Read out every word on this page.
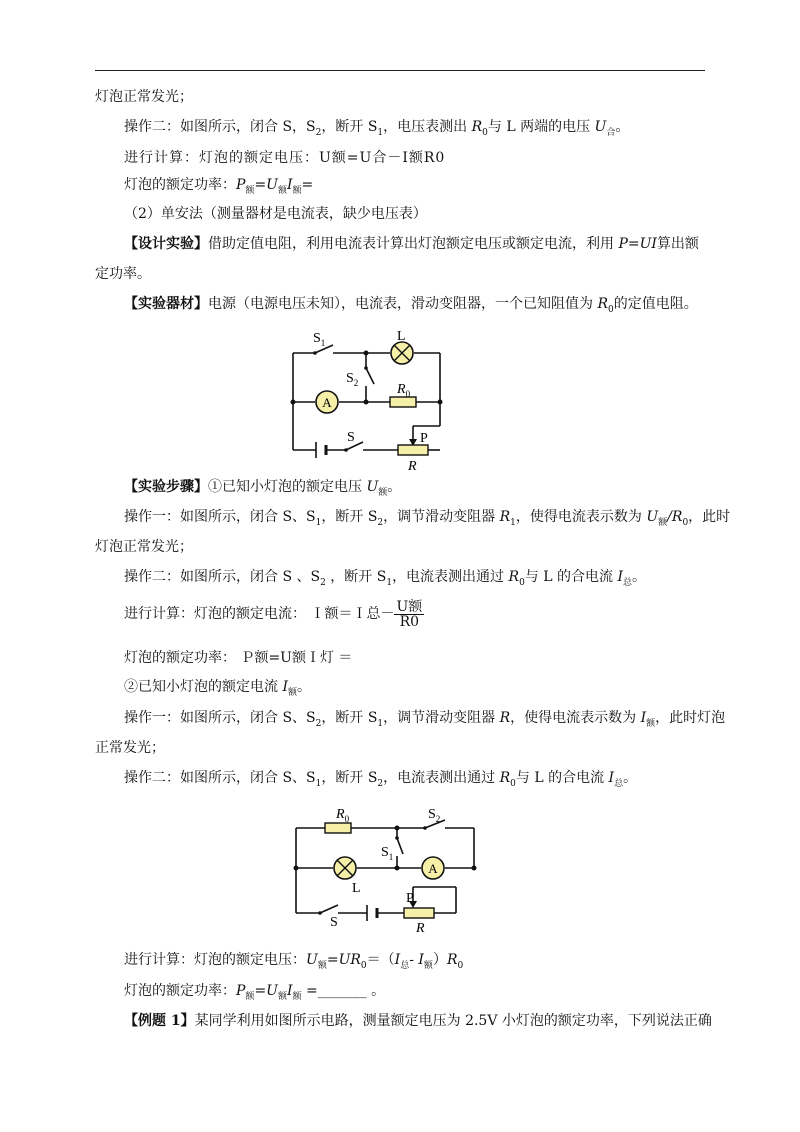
灯泡正常发光；
操作二：如图所示，闭合 S，$S_2$，断开 $S_1$，电压表测出 $R_0$与 L 两端的电压 $U_合$。
进行计算：灯泡的额定电压：U额=U合－I额R0
灯泡的额定功率：$P_额=U_额I_额=$
（2）单安法（测量器材是电流表，缺少电压表）
【设计实验】借助定值电阻，利用电流表计算出灯泡额定电压或额定电流，利用 P=UI算出额
定功率。
【实验器材】电源（电源电压未知），电流表，滑动变阻器，一个已知阻值为 $R_0$的定值电阻。
A
$S_1$	L
$S_2$	$R_0$
S	P
R
【实验步骤】①已知小灯泡的额定电压 $U_额$。
操作一：如图所示，闭合 S、$S_1$，断开 $S_2$，调节滑动变阻器 $R_1$，使得电流表示数为 $U_额/R_0$，此时
灯泡正常发光；
操作二：如图所示，闭合 S 、$S_2$ ，断开 $S_1$，电流表测出通过 $R_0$与 L 的合电流 $I_总$。
进行计算：灯泡的额定电流： Ｉ额＝Ｉ总－ $\frac{\text{U额}}{R0}$
灯泡的额定功率： Ｐ额=U额Ｉ灯 ＝
②已知小灯泡的额定电流 $I_额$。
操作一：如图所示，闭合 S、$S_2$，断开 $S_1$，调节滑动变阻器 R，使得电流表示数为 $I_额$，此时灯泡
正常发光；
操作二：如图所示，闭合 S、$S_1$，断开 $S_2$，电流表测出通过 $R_0$与 L 的合电流 $I_总$。
A
$R_0$	$S_2$
$S_1$
L
P
S	R
进行计算：灯泡的额定电压：$U_额=UR_0=(I_总-$ $I_额)R_0$
灯泡的额定功率：$P_额=U_额I_额$ =_______ 。
【例题 1】某同学利用如图所示电路，测量额定电压为 2.5V 小灯泡的额定功率，下列说法正确
